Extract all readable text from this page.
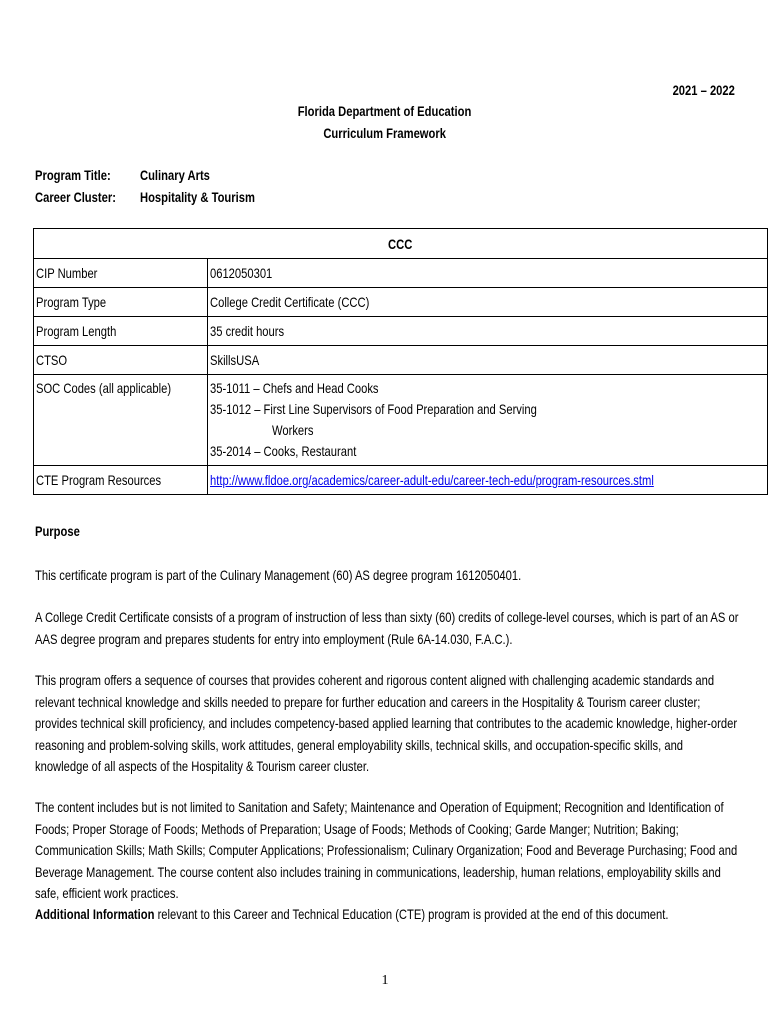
2021 – 2022
Florida Department of Education
Curriculum Framework
Program Title: Culinary Arts
Career Cluster: Hospitality & Tourism
CCC	
CIP Number	0612050301
Program Type	College Credit Certificate (CCC)
Program Length	35 credit hours
CTSO	SkillsUSA
SOC Codes (all applicable)	35-1011 – Chefs and Head Cooks
35-1012 – First Line Supervisors of Food Preparation and Serving
Workers
35-2014 – Cooks, Restaurant

CTE Program Resources	http://www.fldoe.org/academics/career-adult-edu/career-tech-edu/program-resources.stml
Purpose
This certificate program is part of the Culinary Management (60) AS degree program 1612050401.
A College Credit Certificate consists of a program of instruction of less than sixty (60) credits of college-level courses, which is part of an AS or AAS degree program and prepares students for entry into employment (Rule 6A-14.030, F.A.C.).
This program offers a sequence of courses that provides coherent and rigorous content aligned with challenging academic standards and relevant technical knowledge and skills needed to prepare for further education and careers in the Hospitality & Tourism career cluster; provides technical skill proficiency, and includes competency-based applied learning that contributes to the academic knowledge, higher-order reasoning and problem-solving skills, work attitudes, general employability skills, technical skills, and occupation-specific skills, and knowledge of all aspects of the Hospitality & Tourism career cluster.
The content includes but is not limited to Sanitation and Safety; Maintenance and Operation of Equipment; Recognition and Identification of Foods; Proper Storage of Foods; Methods of Preparation; Usage of Foods; Methods of Cooking; Garde Manger; Nutrition; Baking; Communication Skills; Math Skills; Computer Applications; Professionalism; Culinary Organization; Food and Beverage Purchasing; Food and Beverage Management. The course content also includes training in communications, leadership, human relations, employability skills and safe, efficient work practices.
Additional Information relevant to this Career and Technical Education (CTE) program is provided at the end of this document.
1
